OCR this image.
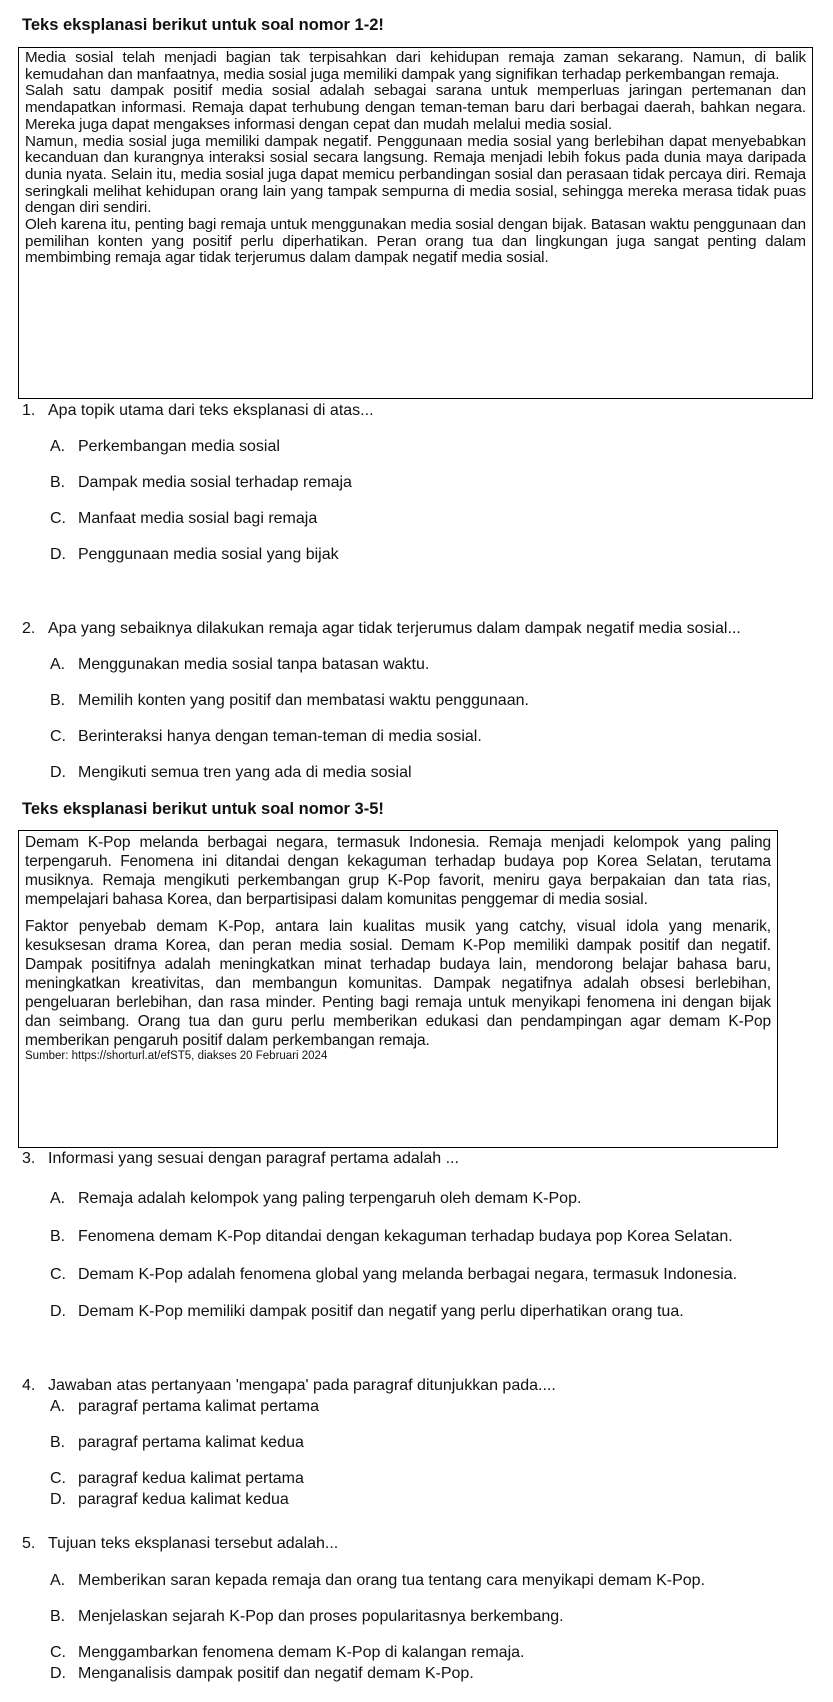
Teks eksplanasi berikut untuk soal nomor 1-2!

Media sosial telah menjadi bagian tak terpisahkan dari kehidupan remaja zaman sekarang. Namun, di balik kemudahan dan manfaatnya, media sosial juga memiliki dampak yang signifikan terhadap perkembangan remaja.

Salah satu dampak positif media sosial adalah sebagai sarana untuk memperluas jaringan pertemanan dan mendapatkan informasi. Remaja dapat terhubung dengan teman-teman baru dari berbagai daerah, bahkan negara. Mereka juga dapat mengakses informasi dengan cepat dan mudah melalui media sosial.

Namun, media sosial juga memiliki dampak negatif. Penggunaan media sosial yang berlebihan dapat menyebabkan kecanduan dan kurangnya interaksi sosial secara langsung. Remaja menjadi lebih fokus pada dunia maya daripada dunia nyata. Selain itu, media sosial juga dapat memicu perbandingan sosial dan perasaan tidak percaya diri. Remaja seringkali melihat kehidupan orang lain yang tampak sempurna di media sosial, sehingga mereka merasa tidak puas dengan diri sendiri.

Oleh karena itu, penting bagi remaja untuk menggunakan media sosial dengan bijak. Batasan waktu penggunaan dan pemilihan konten yang positif perlu diperhatikan. Peran orang tua dan lingkungan juga sangat penting dalam membimbing remaja agar tidak terjerumus dalam dampak negatif media sosial.

1. Apa topik utama dari teks eksplanasi di atas...
A. Perkembangan media sosial
B. Dampak media sosial terhadap remaja
C. Manfaat media sosial bagi remaja
D. Penggunaan media sosial yang bijak
2. Apa yang sebaiknya dilakukan remaja agar tidak terjerumus dalam dampak negatif media sosial...
A. Menggunakan media sosial tanpa batasan waktu.
B. Memilih konten yang positif dan membatasi waktu penggunaan.
C. Berinteraksi hanya dengan teman-teman di media sosial.
D. Mengikuti semua tren yang ada di media sosial
Teks eksplanasi berikut untuk soal nomor 3-5!

Demam K-Pop melanda berbagai negara, termasuk Indonesia. Remaja menjadi kelompok yang paling terpengaruh. Fenomena ini ditandai dengan kekaguman terhadap budaya pop Korea Selatan, terutama musiknya. Remaja mengikuti perkembangan grup K-Pop favorit, meniru gaya berpakaian dan tata rias, mempelajari bahasa Korea, dan berpartisipasi dalam komunitas penggemar di media sosial.

Faktor penyebab demam K-Pop, antara lain kualitas musik yang catchy, visual idola yang menarik, kesuksesan drama Korea, dan peran media sosial. Demam K-Pop memiliki dampak positif dan negatif. Dampak positifnya adalah meningkatkan minat terhadap budaya lain, mendorong belajar bahasa baru, meningkatkan kreativitas, dan membangun komunitas. Dampak negatifnya adalah obsesi berlebihan, pengeluaran berlebihan, dan rasa minder. Penting bagi remaja untuk menyikapi fenomena ini dengan bijak dan seimbang. Orang tua dan guru perlu memberikan edukasi dan pendampingan agar demam K-Pop memberikan pengaruh positif dalam perkembangan remaja.

Sumber: https://shorturl.at/efST5, diakses 20 Februari 2024
3. Informasi yang sesuai dengan paragraf pertama adalah ...
A. Remaja adalah kelompok yang paling terpengaruh oleh demam K-Pop.
B. Fenomena demam K-Pop ditandai dengan kekaguman terhadap budaya pop Korea Selatan.
C. Demam K-Pop adalah fenomena global yang melanda berbagai negara, termasuk Indonesia.
D. Demam K-Pop memiliki dampak positif dan negatif yang perlu diperhatikan orang tua.
4. Jawaban atas pertanyaan 'mengapa' pada paragraf ditunjukkan pada....
A. paragraf pertama kalimat pertama
B. paragraf pertama kalimat kedua
C. paragraf kedua kalimat pertama
D. paragraf kedua kalimat kedua
5. Tujuan teks eksplanasi tersebut adalah...
A. Memberikan saran kepada remaja dan orang tua tentang cara menyikapi demam K-Pop.
B. Menjelaskan sejarah K-Pop dan proses popularitasnya berkembang.
C. Menggambarkan fenomena demam K-Pop di kalangan remaja.
D. Menganalisis dampak positif dan negatif demam K-Pop.
